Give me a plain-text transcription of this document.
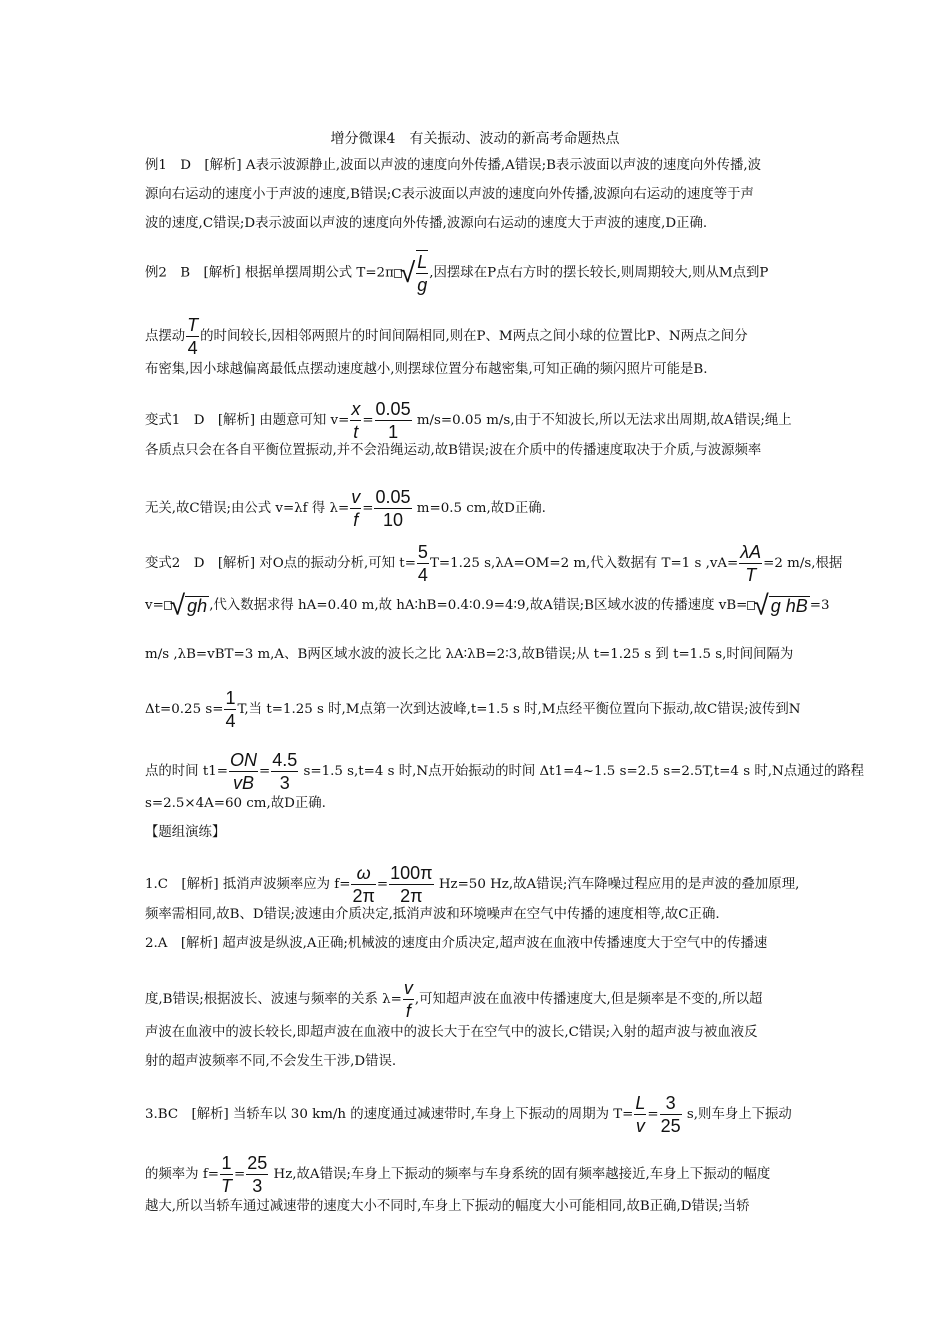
增分微课4　有关振动、波动的新高考命题热点
例1　D　[解析] A表示波源静止,波面以声波的速度向外传播,A错误;B表示波面以声波的速度向外传播,波
源向右运动的速度小于声波的速度,B错误;C表示波面以声波的速度向外传播,波源向右运动的速度等于声
波的速度,C错误;D表示波面以声波的速度向外传播,波源向右运动的速度大于声波的速度,D正确.
例2　B　[解析] 根据单摆周期公式 T=2π √ $\frac{L}{g}$ ,因摆球在P点右方时的摆长较长,则周期较大,则从M点到P
点摆动 $\frac{T}{4}$ 的时间较长,因相邻两照片的时间间隔相同,则在P、M两点之间小球的位置比P、N两点之间分
布密集,因小球越偏离最低点摆动速度越小,则摆球位置分布越密集,可知正确的频闪照片可能是B.
变式1　D　[解析] 由题意可知 $v= \frac{x}{t} = \frac{0.05}{1} m/s=0.05$ m/s,由于不知波长,所以无法求出周期,故A错误;绳上
各质点只会在各自平衡位置振动,并不会沿绳运动,故B错误;波在介质中的传播速度取决于介质,与波源频率
无关,故C错误;由公式 v=λf 得 $\lambda= \frac{v}{f} = \frac{0.05}{10} m=0.5$ cm,故D正确.
变式2　D　[解析] 对O点的振动分析,可知 $t= \frac{5}{4} T=1.25$ s,λA=OM=2 m,代入数据有 T=1 s $,vA= \frac{\lambda A}{T} =2$ m/s,根据
v= √ gh ,代入数据求得 hA=0.40 m,故 hA∶hB=0.4∶0.9=4∶9,故A错误;B区域水波的传播速度 vB= √ g hB =3
m/s ,λB=vBT=3 m,A、B两区域水波的波长之比 λA∶λB=2∶3,故B错误;从 t=1.25 s 到 t=1.5 s,时间间隔为
Δt=0.25 $s= \frac{1}{4} T$,当 t=1.25 s 时,M点第一次到达波峰,t=1.5 s 时,M点经平衡位置向下振动,故C错误;波传到N
点的时间 $t1= \frac{ON}{vB} = \frac{4.5}{3} s=1.5$ s,t=4 s 时,N点开始振动的时间 Δt1=4~1.5 s=2.5 s=2.5T,t=4 s 时,N点通过的路程
s=2.5×4A=60 cm,故D正确.
【题组演练】
1.C　[解析] 抵消声波频率应为 $f= \frac{\omega}{2\pi} = \frac{100\pi}{2\pi} Hz=50$ Hz,故A错误;汽车降噪过程应用的是声波的叠加原理,
频率需相同,故B、D错误;波速由介质决定,抵消声波和环境噪声在空气中传播的速度相等,故C正确.
2.A　[解析] 超声波是纵波,A正确;机械波的速度由介质决定,超声波在血液中传播速度大于空气中的传播速
度,B错误;根据波长、波速与频率的关系 $\lambda= \frac{v}{f}$ ,可知超声波在血液中传播速度大,但是频率是不变的,所以超
声波在血液中的波长较长,即超声波在血液中的波长大于在空气中的波长,C错误;入射的超声波与被血液反
射的超声波频率不同,不会发生干涉,D错误.
3.BC　[解析] 当轿车以 30 km/h 的速度通过减速带时,车身上下振动的周期为 $T= \frac{L}{v} = \frac{3}{25} s$,则车身上下振动
的频率为 $f= \frac{1}{T} = \frac{25}{3} Hz$,故A错误;车身上下振动的频率与车身系统的固有频率越接近,车身上下振动的幅度
越大,所以当轿车通过减速带的速度大小不同时,车身上下振动的幅度大小可能相同,故B正确,D错误;当轿
